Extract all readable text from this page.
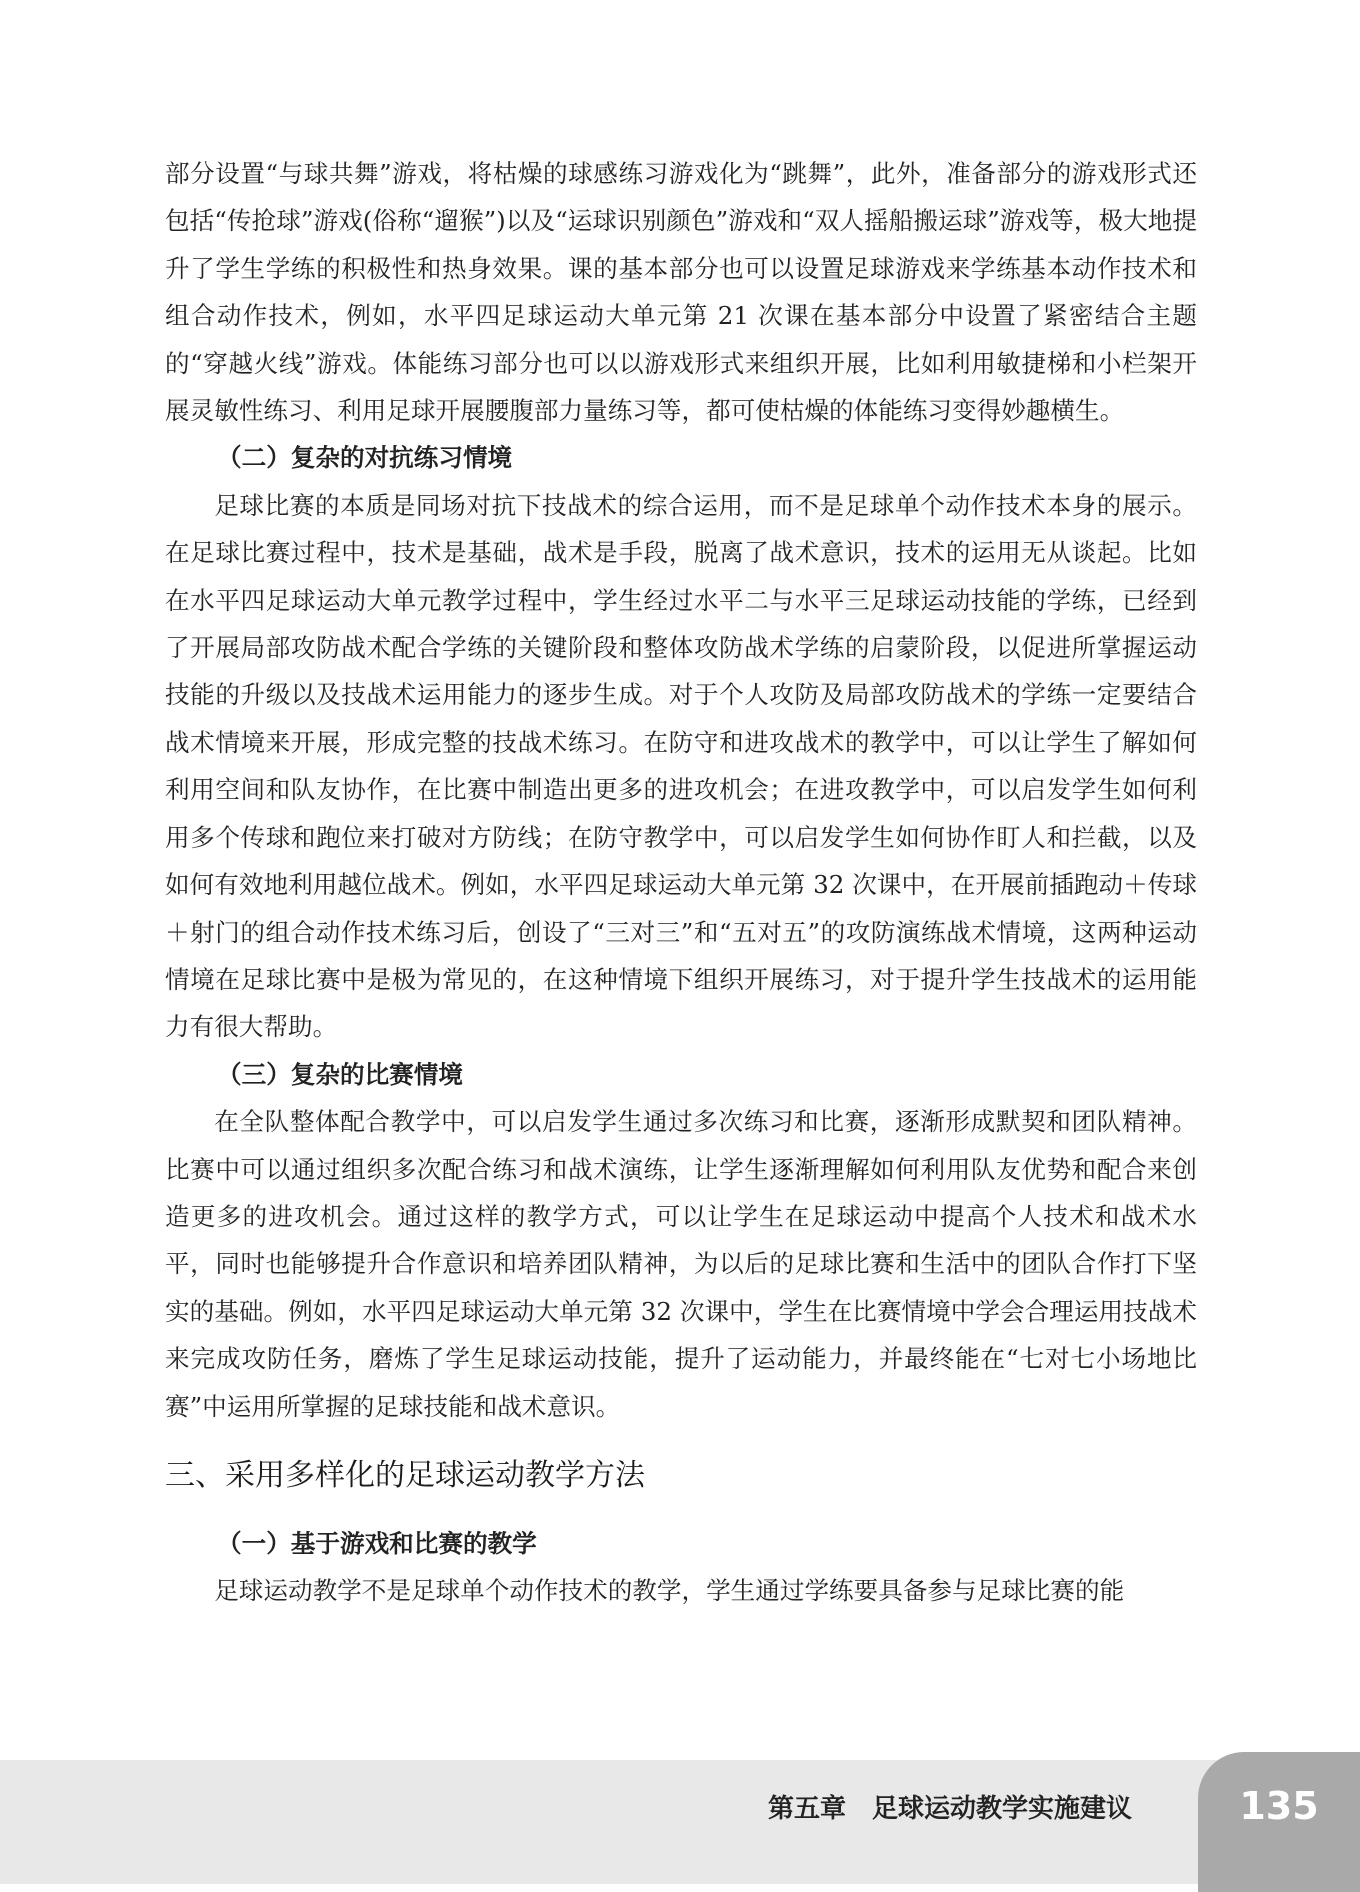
部分设置“与球共舞”游戏，将枯燥的球感练习游戏化为“跳舞”，此外，准备部分的游戏形式还包括“传抢球”游戏(俗称“遛猴”)以及“运球识别颜色”游戏和“双人摇船搬运球”游戏等，极大地提升了学生学练的积极性和热身效果。课的基本部分也可以设置足球游戏来学练基本动作技术和组合动作技术，例如，水平四足球运动大单元第 21 次课在基本部分中设置了紧密结合主题的“穿越火线”游戏。体能练习部分也可以以游戏形式来组织开展，比如利用敏捷梯和小栏架开展灵敏性练习、利用足球开展腰腹部力量练习等，都可使枯燥的体能练习变得妙趣横生。

（二）复杂的对抗练习情境

足球比赛的本质是同场对抗下技战术的综合运用，而不是足球单个动作技术本身的展示。在足球比赛过程中，技术是基础，战术是手段，脱离了战术意识，技术的运用无从谈起。比如在水平四足球运动大单元教学过程中，学生经过水平二与水平三足球运动技能的学练，已经到了开展局部攻防战术配合学练的关键阶段和整体攻防战术学练的启蒙阶段，以促进所掌握运动技能的升级以及技战术运用能力的逐步生成。对于个人攻防及局部攻防战术的学练一定要结合战术情境来开展，形成完整的技战术练习。在防守和进攻战术的教学中，可以让学生了解如何利用空间和队友协作，在比赛中制造出更多的进攻机会；在进攻教学中，可以启发学生如何利用多个传球和跑位来打破对方防线；在防守教学中，可以启发学生如何协作盯人和拦截，以及如何有效地利用越位战术。例如，水平四足球运动大单元第 32 次课中，在开展前插跑动＋传球＋射门的组合动作技术练习后，创设了“三对三”和“五对五”的攻防演练战术情境，这两种运动情境在足球比赛中是极为常见的，在这种情境下组织开展练习，对于提升学生技战术的运用能力有很大帮助。

（三）复杂的比赛情境

在全队整体配合教学中，可以启发学生通过多次练习和比赛，逐渐形成默契和团队精神。比赛中可以通过组织多次配合练习和战术演练，让学生逐渐理解如何利用队友优势和配合来创造更多的进攻机会。通过这样的教学方式，可以让学生在足球运动中提高个人技术和战术水平，同时也能够提升合作意识和培养团队精神，为以后的足球比赛和生活中的团队合作打下坚实的基础。例如，水平四足球运动大单元第 32 次课中，学生在比赛情境中学会合理运用技战术来完成攻防任务，磨炼了学生足球运动技能，提升了运动能力，并最终能在“七对七小场地比赛”中运用所掌握的足球技能和战术意识。

三、采用多样化的足球运动教学方法
（一）基于游戏和比赛的教学

足球运动教学不是足球单个动作技术的教学，学生通过学练要具备参与足球比赛的能

第五章　足球运动教学实施建议	135
